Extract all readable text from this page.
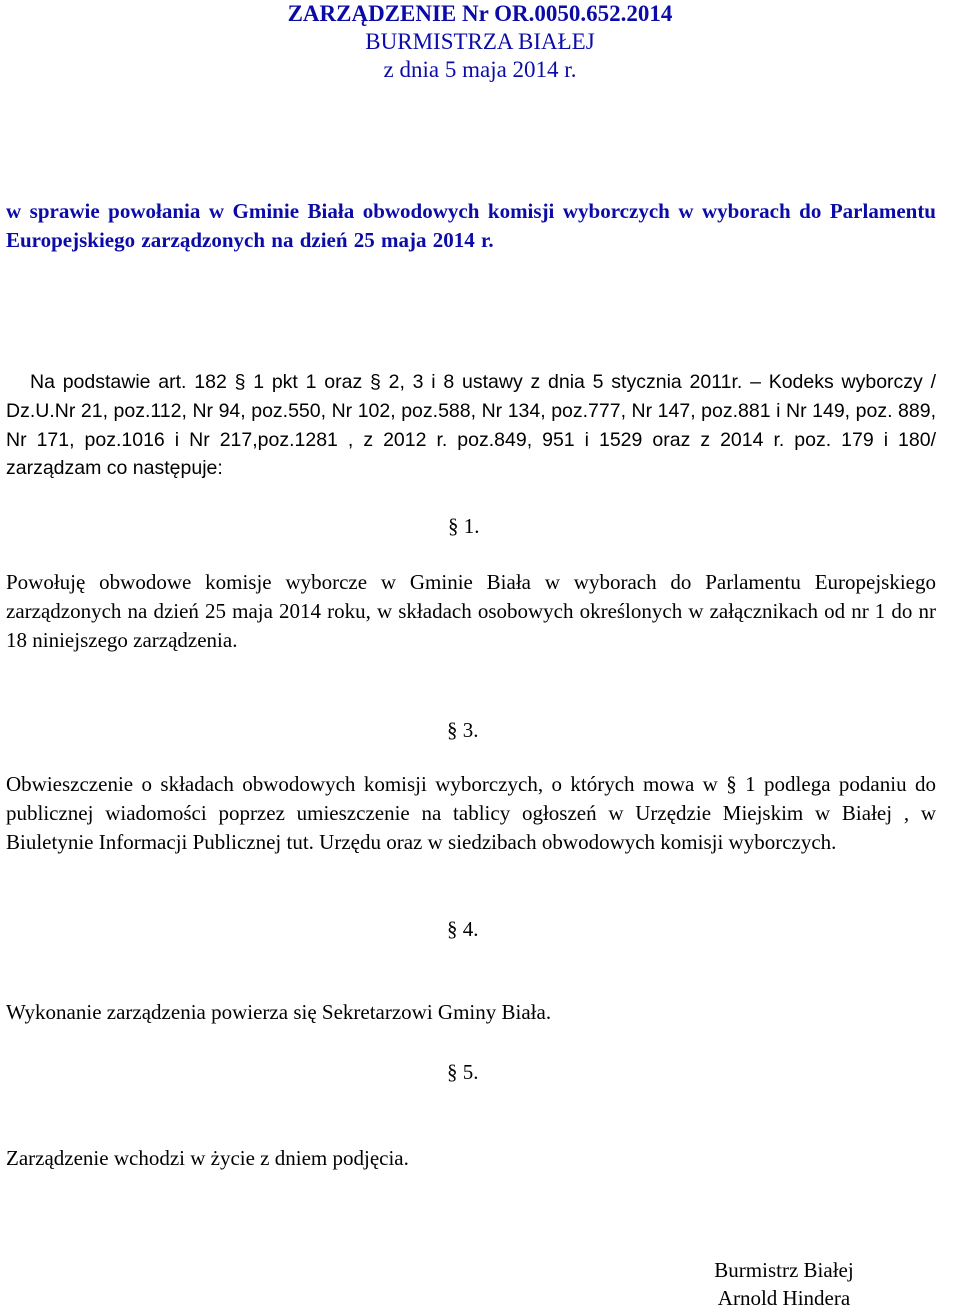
ZARZĄDZENIE Nr OR.0050.652.2014
BURMISTRZA BIAŁEJ
z dnia 5 maja 2014 r.
w sprawie powołania w Gminie Biała obwodowych komisji wyborczych w wyborach do Parlamentu Europejskiego zarządzonych na dzień 25 maja 2014 r.
Na podstawie art. 182 § 1 pkt 1 oraz § 2, 3 i 8 ustawy z dnia 5 stycznia 2011r. – Kodeks wyborczy / Dz.U.Nr 21, poz.112, Nr 94, poz.550, Nr 102, poz.588, Nr 134, poz.777, Nr 147, poz.881 i Nr 149, poz. 889, Nr 171, poz.1016 i Nr 217,poz.1281 , z 2012 r. poz.849, 951 i 1529 oraz z 2014 r. poz. 179 i 180/ zarządzam co następuje:
§ 1.
Powołuję obwodowe komisje wyborcze w Gminie Biała w wyborach do Parlamentu Europejskiego zarządzonych na dzień 25 maja 2014 roku, w składach osobowych określonych w załącznikach od nr 1 do nr 18 niniejszego zarządzenia.
§ 3.
Obwieszczenie o składach obwodowych komisji wyborczych, o których mowa w § 1 podlega podaniu do publicznej wiadomości poprzez umieszczenie na tablicy ogłoszeń w Urzędzie Miejskim w Białej , w Biuletynie Informacji Publicznej tut. Urzędu oraz w siedzibach obwodowych komisji wyborczych.
§ 4.
Wykonanie zarządzenia powierza się Sekretarzowi Gminy Biała.
§ 5.
Zarządzenie wchodzi w życie z dniem podjęcia.
Burmistrz Białej
Arnold Hindera
